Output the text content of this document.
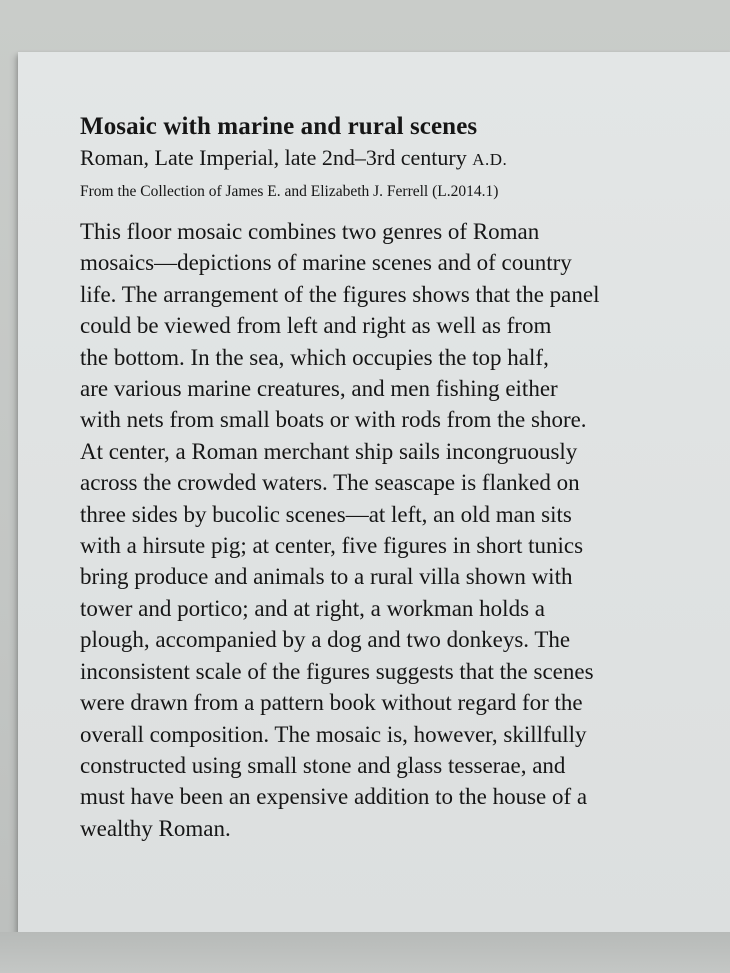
Mosaic with marine and rural scenes

Roman, Late Imperial, late 2nd–3rd century A.D.

From the Collection of James E. and Elizabeth J. Ferrell (L.2014.1)

This floor mosaic combines two genres of Roman
mosaics—depictions of marine scenes and of country
life. The arrangement of the figures shows that the panel
could be viewed from left and right as well as from
the bottom. In the sea, which occupies the top half,
are various marine creatures, and men fishing either
with nets from small boats or with rods from the shore.
At center, a Roman merchant ship sails incongruously
across the crowded waters. The seascape is flanked on
three sides by bucolic scenes—at left, an old man sits
with a hirsute pig; at center, five figures in short tunics
bring produce and animals to a rural villa shown with
tower and portico; and at right, a workman holds a
plough, accompanied by a dog and two donkeys. The
inconsistent scale of the figures suggests that the scenes
were drawn from a pattern book without regard for the
overall composition. The mosaic is, however, skillfully
constructed using small stone and glass tesserae, and
must have been an expensive addition to the house of a
wealthy Roman.
